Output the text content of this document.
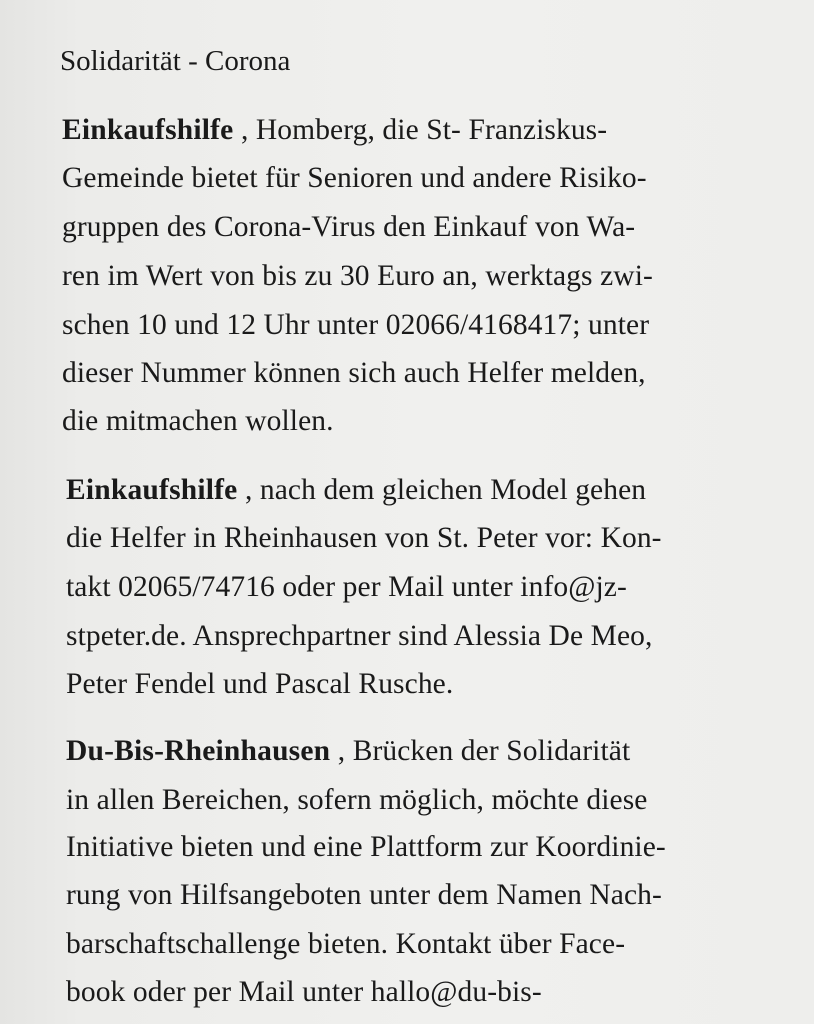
Solidarität - Corona
Einkaufshilfe , Homberg, die St- Franziskus-
Gemeinde bietet für Senioren und andere Risiko-
gruppen des Corona-Virus den Einkauf von Wa-
ren im Wert von bis zu 30 Euro an, werktags zwi-
schen 10 und 12 Uhr unter 02066/4168417; unter
dieser Nummer können sich auch Helfer melden,
die mitmachen wollen.
Einkaufshilfe , nach dem gleichen Model gehen
die Helfer in Rheinhausen von St. Peter vor: Kon-
takt 02065/74716 oder per Mail unter info@jz-
stpeter.de. Ansprechpartner sind Alessia De Meo,
Peter Fendel und Pascal Rusche.
Du-Bis-Rheinhausen , Brücken der Solidarität
in allen Bereichen, sofern möglich, möchte diese
Initiative bieten und eine Plattform zur Koordinie-
rung von Hilfsangeboten unter dem Namen Nach-
barschaftschallenge bieten. Kontakt über Face-
book oder per Mail unter hallo@du-bis-
